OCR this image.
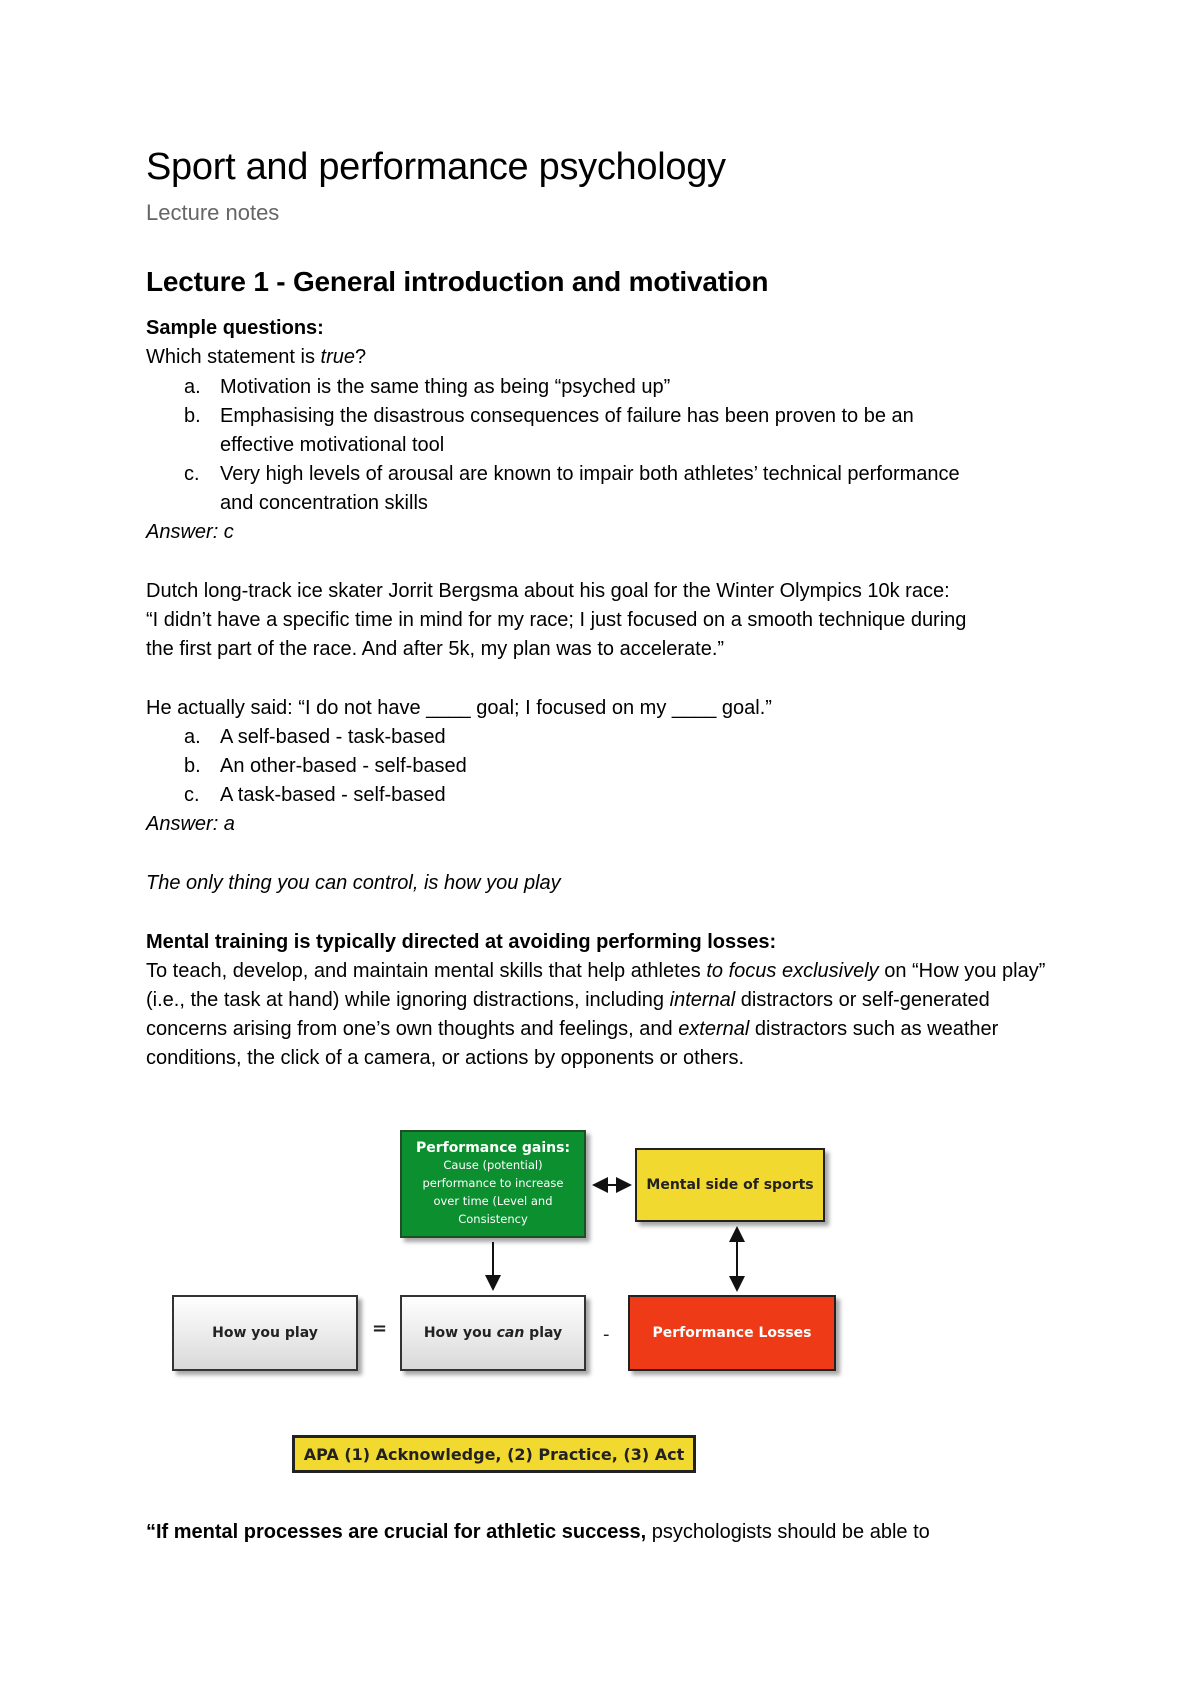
Sport and performance psychology
Lecture notes
Lecture 1 - General introduction and motivation
Sample questions:
Which statement is true?
a. Motivation is the same thing as being “psyched up”
b. Emphasising the disastrous consequences of failure has been proven to be an
effective motivational tool
c. Very high levels of arousal are known to impair both athletes’ technical performance
and concentration skills
Answer: c
Dutch long-track ice skater Jorrit Bergsma about his goal for the Winter Olympics 10k race:
“I didn’t have a specific time in mind for my race; I just focused on a smooth technique during
the first part of the race. And after 5k, my plan was to accelerate.”
He actually said: “I do not have ____ goal; I focused on my ____ goal.”
a. A self-based - task-based
b. An other-based - self-based
c. A task-based - self-based
Answer: a
The only thing you can control, is how you play
Mental training is typically directed at avoiding performing losses:
To teach, develop, and maintain mental skills that help athletes to focus exclusively on “How you play” (i.e., the task at hand) while ignoring distractions, including internal distractors or self-generated concerns arising from one’s own thoughts and feelings, and external distractors such as weather conditions, the click of a camera, or actions by opponents or others.
Performance gains:
Cause (potential) performance to increase over time (Level and Consistency
Mental side of sports
How you play	=	How you
can
play -	Performance Losses
APA (1) Acknowledge, (2) Practice, (3) Act
“If mental processes are crucial for athletic success, psychologists should be able to
